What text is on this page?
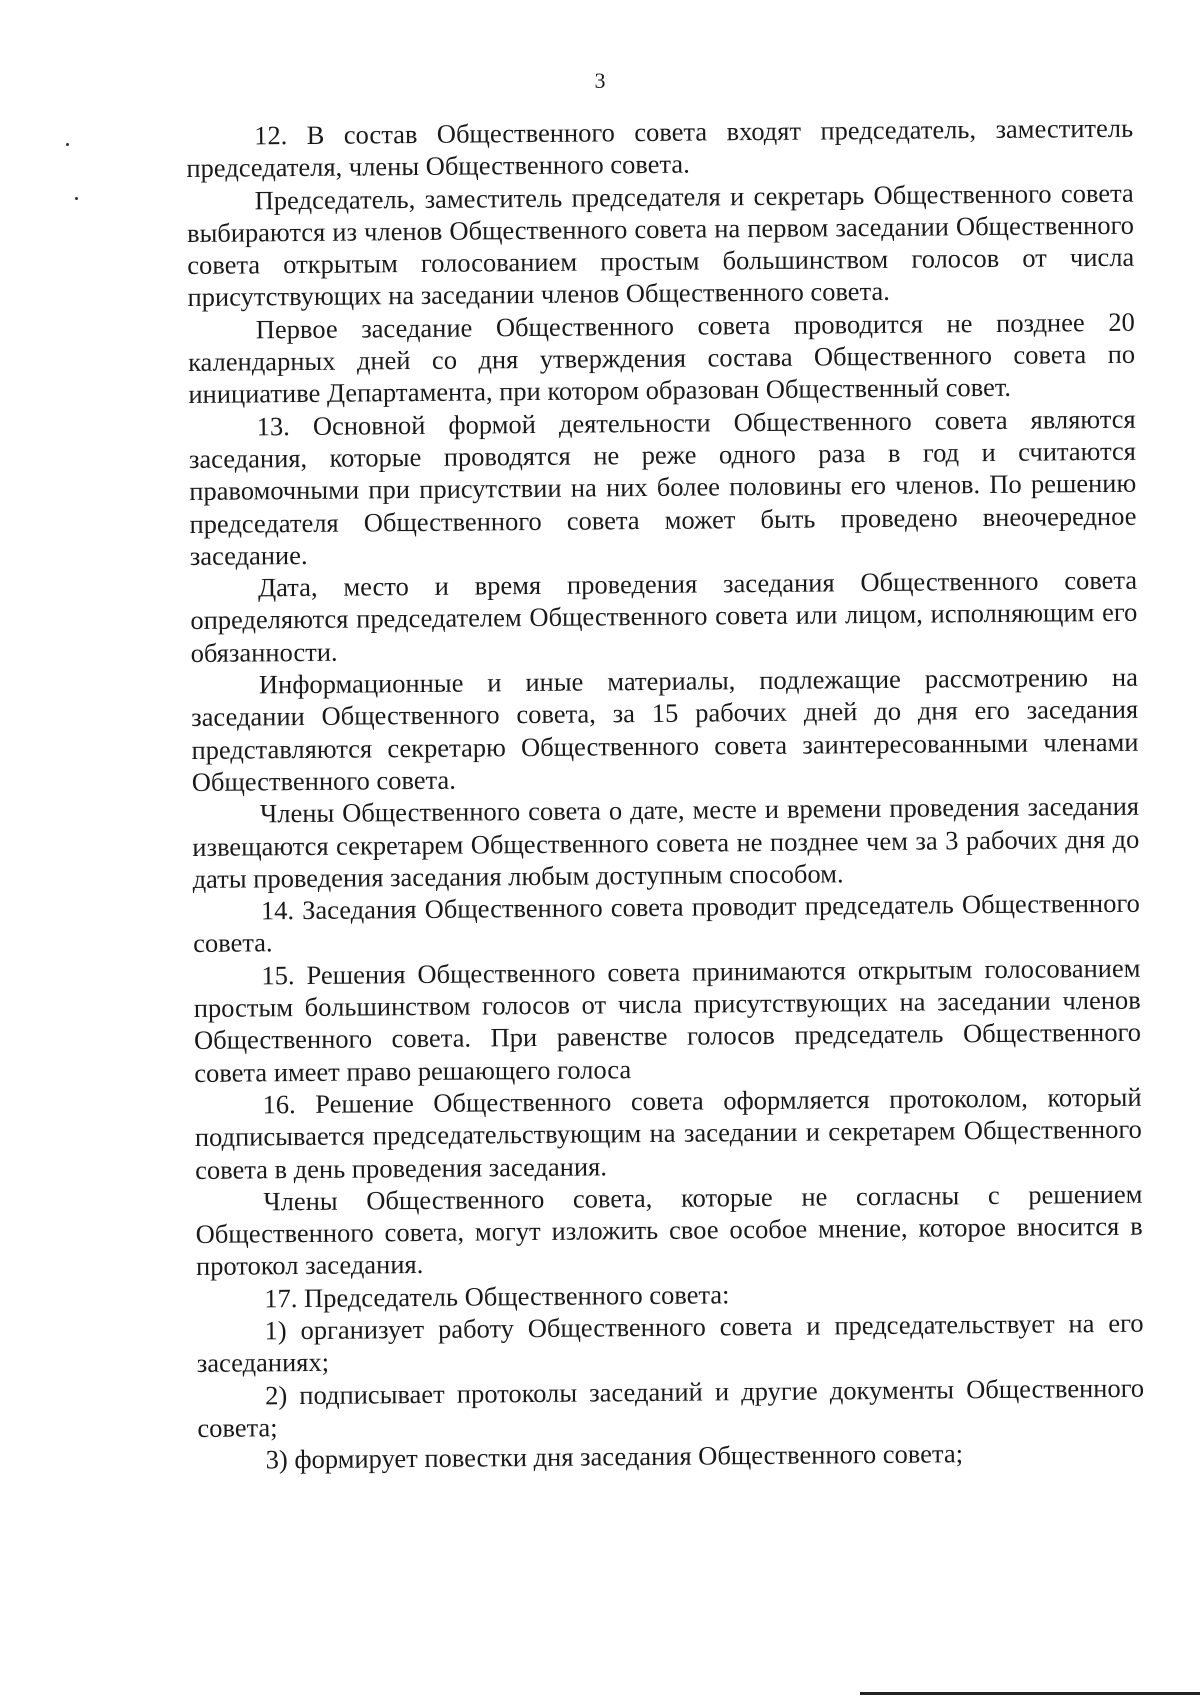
3

12. В состав Общественного совета входят председатель, заместитель председателя, члены Общественного совета.

Председатель, заместитель председателя и секретарь Общественного совета выбираются из членов Общественного совета на первом заседании Общественного совета открытым голосованием простым большинством голосов от числа присутствующих на заседании членов Общественного совета.

Первое заседание Общественного совета проводится не позднее 20 календарных дней со дня утверждения состава Общественного совета по инициативе Департамента, при котором образован Общественный совет.

13. Основной формой деятельности Общественного совета являются заседания, которые проводятся не реже одного раза в год и считаются правомочными при присутствии на них более половины его членов. По решению председателя Общественного совета может быть проведено внеочередное заседание.

Дата, место и время проведения заседания Общественного совета определяются председателем Общественного совета или лицом, исполняющим его обязанности.

Информационные и иные материалы, подлежащие рассмотрению на заседании Общественного совета, за 15 рабочих дней до дня его заседания представляются секретарю Общественного совета заинтересованными членами Общественного совета.

Члены Общественного совета о дате, месте и времени проведения заседания извещаются секретарем Общественного совета не позднее чем за 3 рабочих дня до даты проведения заседания любым доступным способом.

14. Заседания Общественного совета проводит председатель Общественного совета.

15. Решения Общественного совета принимаются открытым голосованием простым большинством голосов от числа присутствующих на заседании членов Общественного совета. При равенстве голосов председатель Общественного совета имеет право решающего голоса

16. Решение Общественного совета оформляется протоколом, который подписывается председательствующим на заседании и секретарем Общественного совета в день проведения заседания.

Члены Общественного совета, которые не согласны с решением Общественного совета, могут изложить свое особое мнение, которое вносится в протокол заседания.

17. Председатель Общественного совета:

1) организует работу Общественного совета и председательствует на его заседаниях;

2) подписывает протоколы заседаний и другие документы Общественного совета;

3) формирует повестки дня заседания Общественного совета;
